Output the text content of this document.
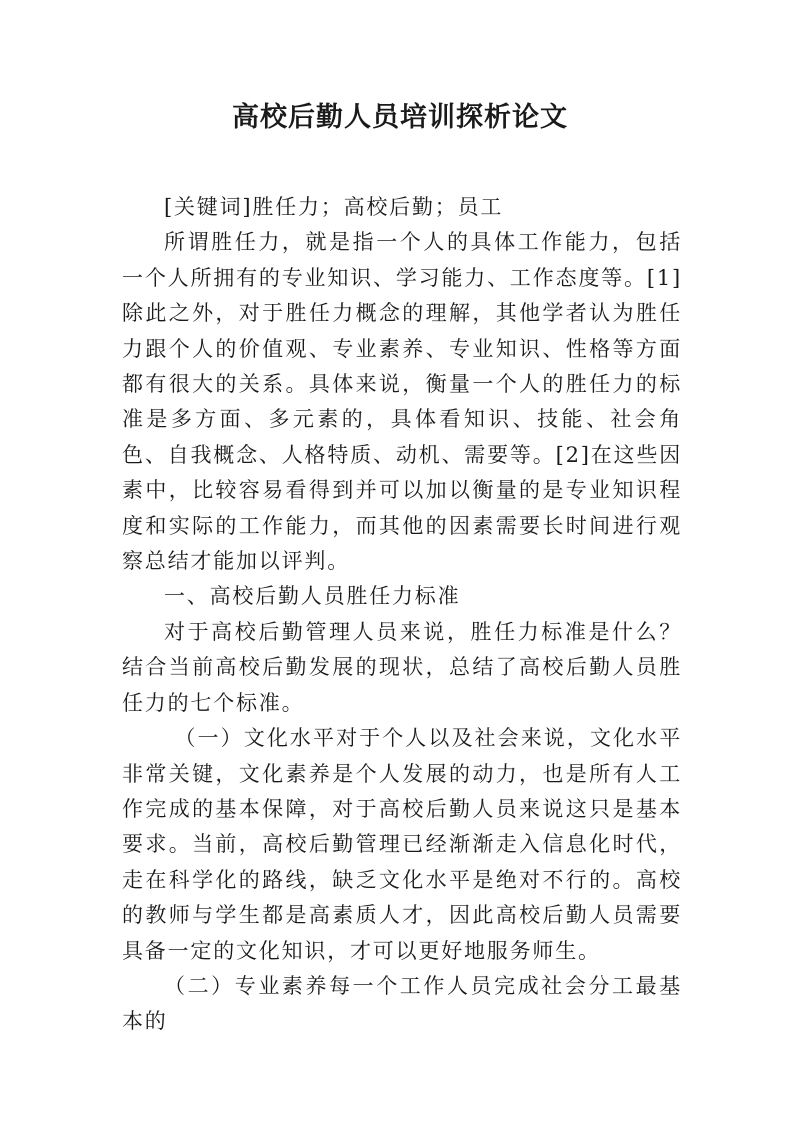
高校后勤人员培训探析论文

[关键词]胜任力；高校后勤；员工

所谓胜任力，就是指一个人的具体工作能力，包括一个人所拥有的专业知识、学习能力、工作态度等。[1]除此之外，对于胜任力概念的理解，其他学者认为胜任力跟个人的价值观、专业素养、专业知识、性格等方面都有很大的关系。具体来说，衡量一个人的胜任力的标准是多方面、多元素的，具体看知识、技能、社会角色、自我概念、人格特质、动机、需要等。[2]在这些因素中，比较容易看得到并可以加以衡量的是专业知识程度和实际的工作能力，而其他的因素需要长时间进行观察总结才能加以评判。

一、高校后勤人员胜任力标准

对于高校后勤管理人员来说，胜任力标准是什么？结合当前高校后勤发展的现状，总结了高校后勤人员胜任力的七个标准。

（一）文化水平对于个人以及社会来说，文化水平非常关键，文化素养是个人发展的动力，也是所有人工作完成的基本保障，对于高校后勤人员来说这只是基本要求。当前，高校后勤管理已经渐渐走入信息化时代，走在科学化的路线，缺乏文化水平是绝对不行的。高校的教师与学生都是高素质人才，因此高校后勤人员需要具备一定的文化知识，才可以更好地服务师生。

（二）专业素养每一个工作人员完成社会分工最基本的
